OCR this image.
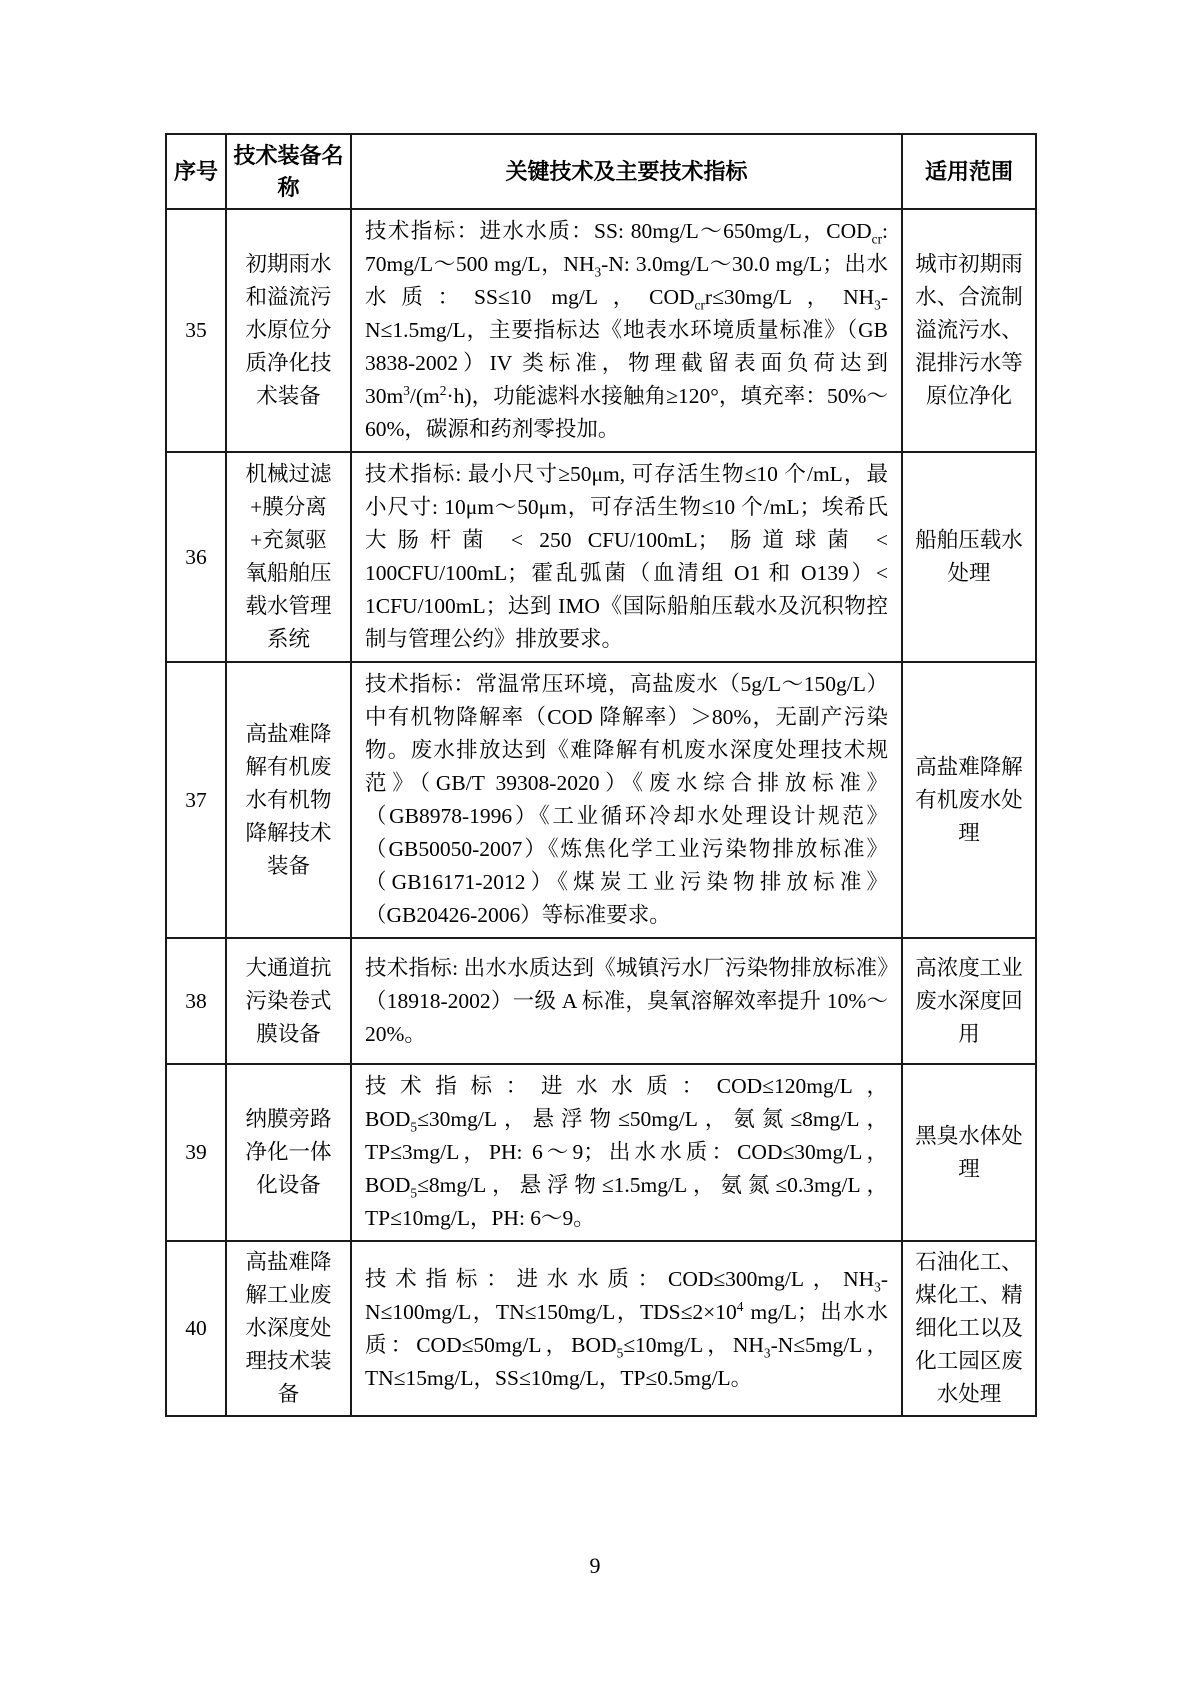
序号	技术装备名称	关键技术及主要技术指标	适用范围
35	初期雨水和溢流污水原位分质净化技术装备	技术指标：进水水质：SS: 80mg/L～650mg/L，$COD_{cr}$: 70mg/L～500 mg/L，$NH_3-N$: 3.0mg/L～30.0 mg/L；出水水质：SS≤10 mg/L，$COD_{cr}r\le 30mg/L$，$NH_3-N\le 1.5mg/L$，主要指标达《地表水环境质量标准》（GB 3838-2002）IV 类标准，物理截留表面负荷达到 $30m^3/(m^2\cdot h)$，功能滤料水接触角≥120°，填充率：50%～60%，碳源和药剂零投加。	城市初期雨水、合流制溢流污水、混排污水等原位净化
36	机械过滤+膜分离+充氮驱氧船舶压载水管理系统	技术指标: 最小尺寸≥50μm, 可存活生物≤10 个/mL，最小尺寸: 10μm～50μm，可存活生物≤10 个/mL；埃希氏大肠杆菌 < 250 CFU/100mL；肠道球菌 < 100CFU/100mL；霍乱弧菌（血清组 O1 和 O139）< 1CFU/100mL；达到 IMO《国际船舶压载水及沉积物控制与管理公约》排放要求。	船舶压载水处理
37	高盐难降解有机废水有机物降解技术装备	技术指标：常温常压环境，高盐废水（5g/L～150g/L）中有机物降解率（COD 降解率）＞80%，无副产污染物。废水排放达到《难降解有机废水深度处理技术规范》（GB/T 39308-2020）《废水综合排放标准》（GB8978-1996）《工业循环冷却水处理设计规范》（GB50050-2007）《炼焦化学工业污染物排放标准》（GB16171-2012）《煤炭工业污染物排放标准》（GB20426-2006）等标准要求。	高盐难降解有机废水处理
38	大通道抗污染卷式膜设备	技术指标: 出水水质达到《城镇污水厂污染物排放标准》（18918-2002）一级 A 标准，臭氧溶解效率提升 10%～20%。	高浓度工业废水深度回用
39	纳膜旁路净化一体化设备	技术指标：进水水质：COD≤120mg/L，$BOD_5\le 30mg/L$，悬浮物≤50mg/L，氨氮≤8mg/L，TP≤3mg/L，PH: 6～9；出水水质：COD≤30mg/L，$BOD_5\le 8mg/L$，悬浮物≤1.5mg/L，氨氮≤0.3mg/L，TP≤10mg/L，PH: 6～9。	黑臭水体处理
40	高盐难降解工业废水深度处理技术装备	技术指标：进水水质：COD≤300mg/L，$NH_3-N\le 100mg/L$，TN≤150mg/L，$TDS\le 2\times 10^4$ mg/L；出水水质：COD≤50mg/L，$BOD_5\le 10mg/L$，$NH_3-N\le 5mg/L$，TN≤15mg/L，SS≤10mg/L，TP≤0.5mg/L。	石油化工、煤化工、精细化工以及化工园区废水处理
9
